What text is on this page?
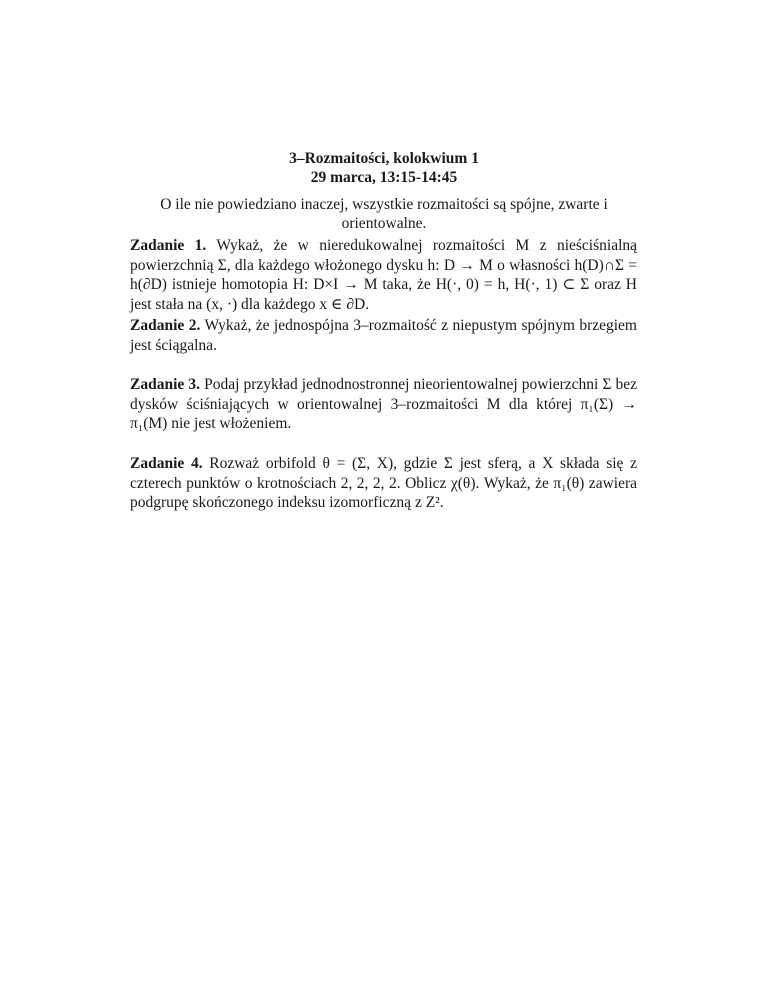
3–Rozmaitości, kolokwium 1

29 marca, 13:15-14:45

O ile nie powiedziano inaczej, wszystkie rozmaitości są spójne, zwarte i orientowalne.

Zadanie 1. Wykaż, że w nieredukowalnej rozmaitości M z nieściśnialną powierzchnią Σ, dla każdego włożonego dysku h: D → M o własności h(D)∩Σ = h(∂D) istnieje homotopia H: D×I → M taka, że H(·, 0) = h, H(·, 1) ⊂ Σ oraz H jest stała na (x, ·) dla każdego x ∈ ∂D.

Zadanie 2. Wykaż, że jednospójna 3–rozmaitość z niepustym spójnym brzegiem jest ściągalna.

Zadanie 3. Podaj przykład jednodnostronnej nieorientowalnej powierzchni Σ bez dysków ściśniających w orientowalnej 3–rozmaitości M dla której π₁(Σ) → π₁(M) nie jest włożeniem.

Zadanie 4. Rozważ orbifold θ = (Σ, X), gdzie Σ jest sferą, a X składa się z czterech punktów o krotnościach 2, 2, 2, 2. Oblicz χ(θ). Wykaż, że π₁(θ) zawiera podgrupę skończonego indeksu izomorficzną z Z².
